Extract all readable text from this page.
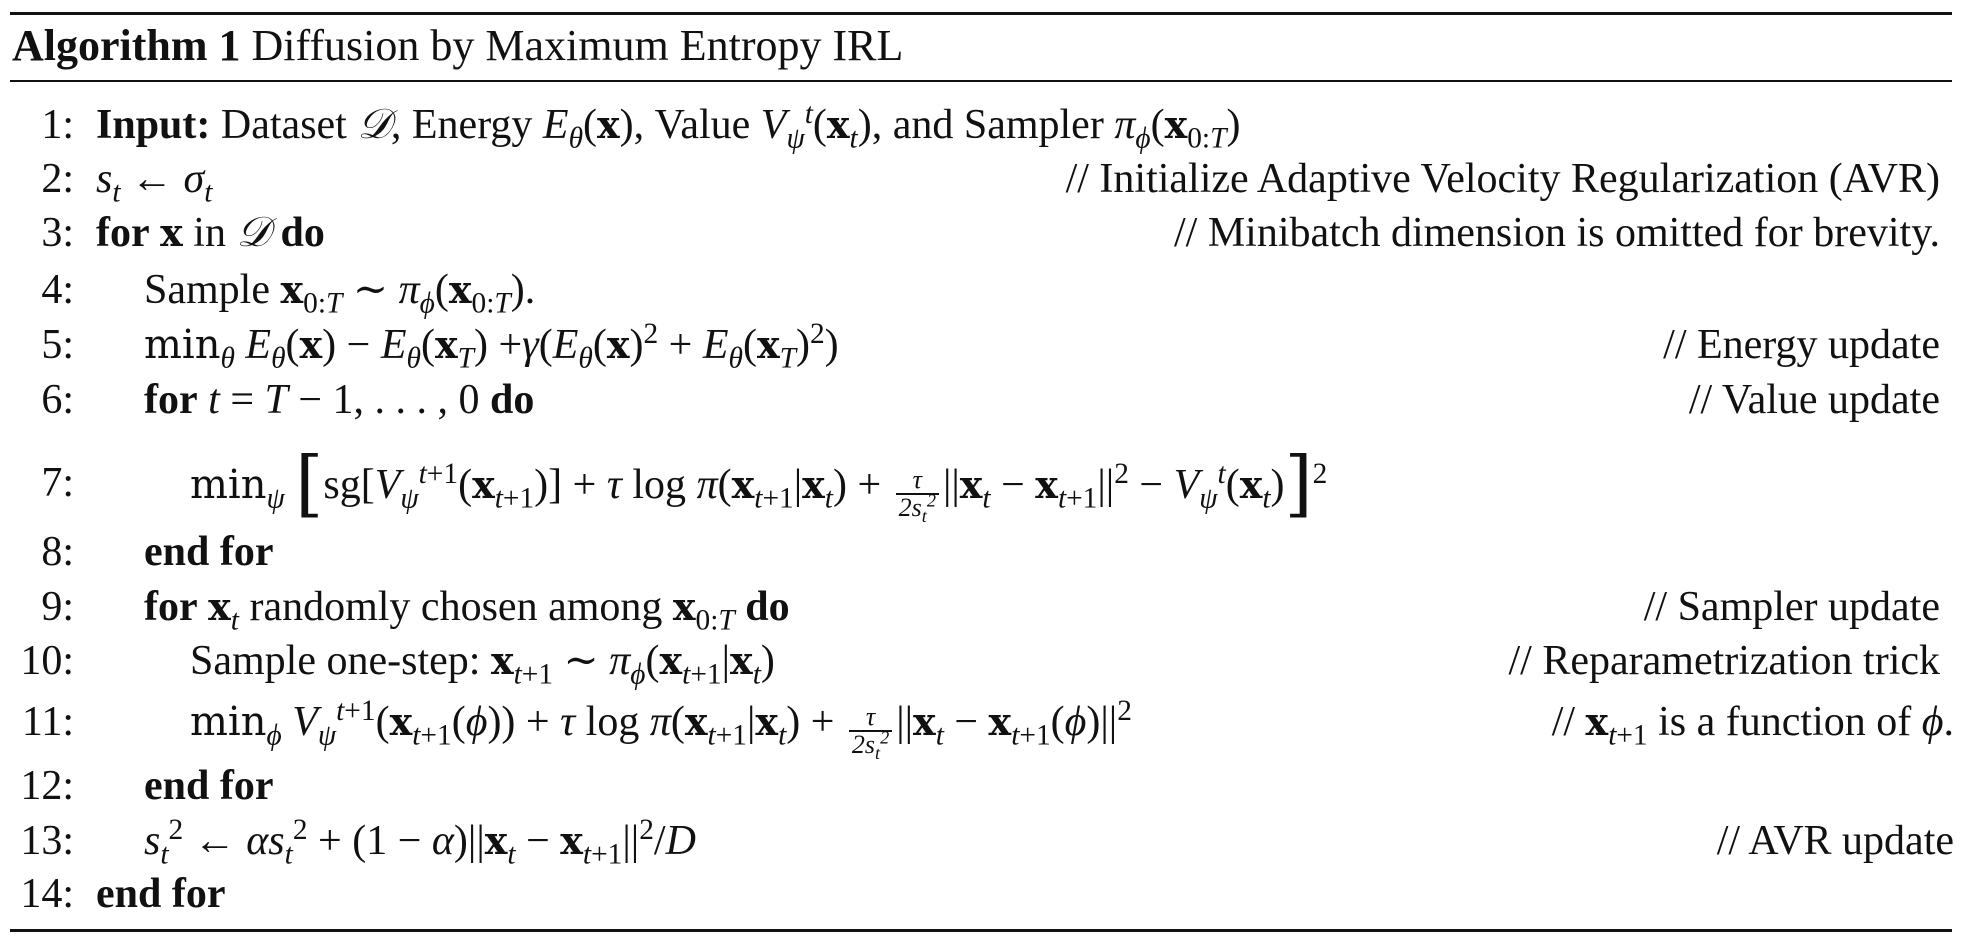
Algorithm 1 Diffusion by Maximum Entropy IRL
1: Input: Dataset 𝒟, Energy $E_\theta(x)$, Value $V_\psi^t(x_t)$, and Sampler $\pi_\phi(x_{0:T})$
2: $s_t$ ← $\sigma_t$	// Initialize Adaptive Velocity Regularization (AVR)
3: for x in 𝒟 do	// Minibatch dimension is omitted for brevity.
4: Sample $x_{0:T}$ ∼ $\pi_\phi(x_{0:T})$.
5: $\min_\theta E_\theta(x) - E_\theta(x_T) +\gamma(E_\theta(x)^2 + E_\theta(x_T)^2)$	// Energy update
6: for t = T − 1, . . . , 0 do	// Value update
7:	$\min_\psi [sg[V_\psi^{t+1}(x_{t+1})] + \tau$ $\log \pi(x_{t+1}|x_t) + \frac{\tau}{2s_t^2} ||x_t - x_{t+1}||^2 - V_\psi^t(x_t)]^2$
8: end for
9: for $x_t$ randomly chosen among $x_{0:T}$ do	// Sampler update
10:	Sample one-step: $x_{t+1}$ ∼ $\pi_\phi(x_{t+1}|x_t)$	// Reparametrization trick
11:	$\min_\phi V_\psi^{t+1}(x_{t+1}(\phi)) + \tau$ $\log \pi(x_{t+1}|x_t) + \frac{\tau}{2s_t^2} ||x_t - x_{t+1}(\phi)||^2$	// $x_{t+1}$ is a function of ϕ.
12: end for
13: $s_t^2$ ← $\alpha s_t^2 + (1 - \alpha)||x_t - x_{t+1}||^2/D$	// AVR update
14: end for
